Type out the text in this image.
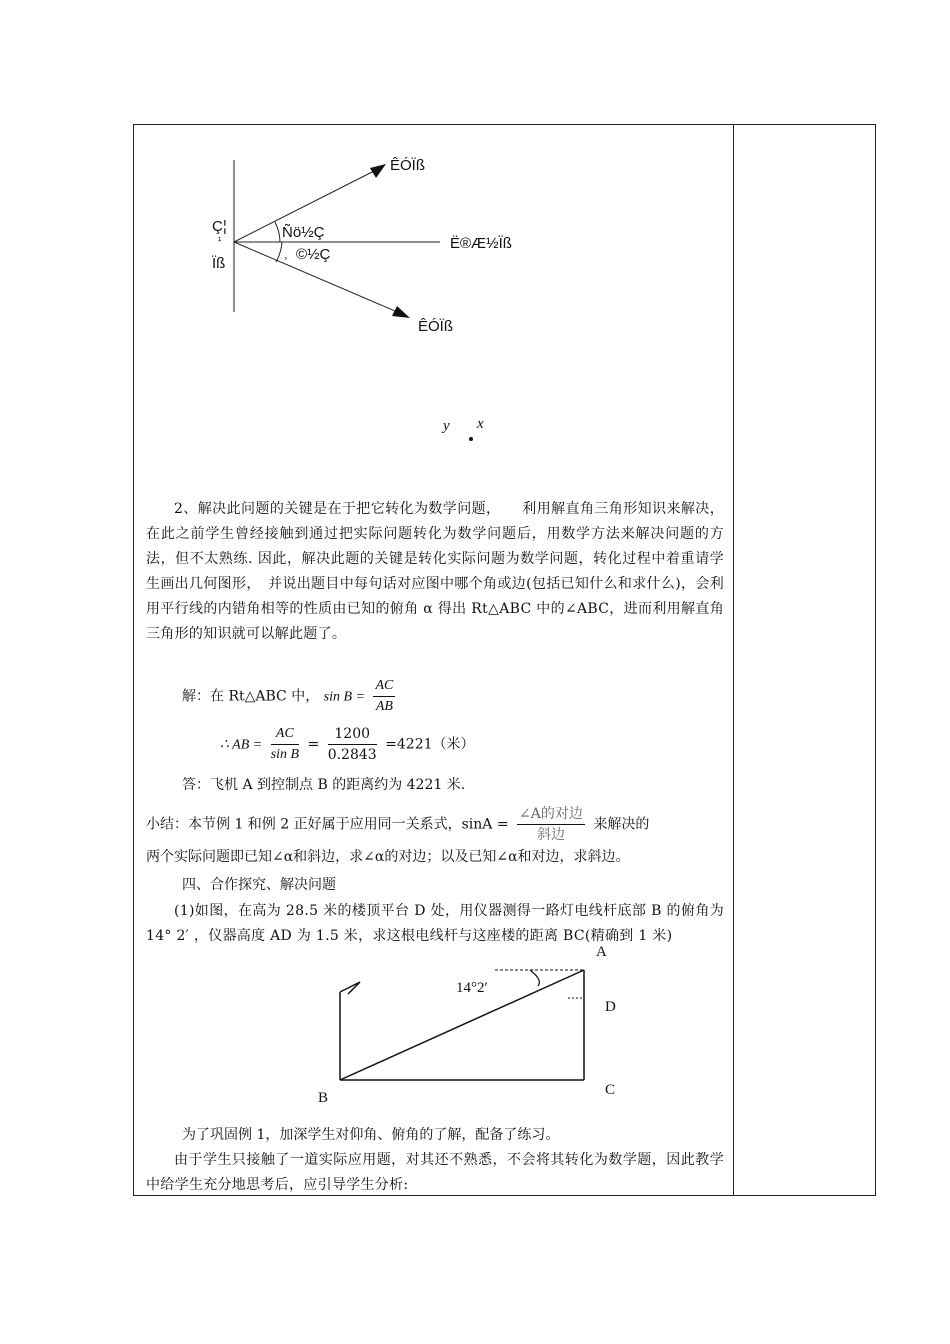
ÊÓÏß
Ñö½Ç
Ë®Æ½Ïß
¸ ©½Ç
Ç¦
¹
Ïß
ÊÓÏß
y x

2、解决此问题的关键是在于把它转化为数学问题，　　利用解直角三角形知识来解决，在此之前学生曾经接触到通过把实际问题转化为数学问题后，用数学方法来解决问题的方法，但不太熟练. 因此，解决此题的关键是转化实际问题为数学问题，转化过程中着重请学生画出几何图形，　并说出题目中每句话对应图中哪个角或边(包括已知什么和求什么)，会利用平行线的内错角相等的性质由已知的俯角 α 得出 Rt△ABC 中的∠ABC，进而利用解直角三角形的知识就可以解此题了。

解：在 Rt△ABC 中， $\sin B = \frac{AC}{AB}$
∴ AB = $\frac{AC}{\text{sin B}} = \frac{1200}{0.2843} =4221$（米）
答：飞机 A 到控制点 B 的距离约为 4221 米.
小结：本节例 1 和例 2 正好属于应用同一关系式，$\sin A = \frac{\text{∠A的对边}}{\text{斜边}}$ 来解决的
两个实际问题即已知∠α和斜边，求∠α的对边；以及已知∠α和对边，求斜边。
四、合作探究、解决问题

(1)如图，在高为 28.5 米的楼顶平台 D 处，用仪器测得一路灯电线杆底部 B 的俯角为 14° 2′ ，仪器高度 AD 为 1.5 米，求这根电线杆与这座楼的距离 BC(精确到 1 米)

14°2′
A
D
C
B
为了巩固例 1，加深学生对仰角、俯角的了解，配备了练习。

由于学生只接触了一道实际应用题，对其还不熟悉，不会将其转化为数学题，因此教学中给学生充分地思考后，应引导学生分析:
